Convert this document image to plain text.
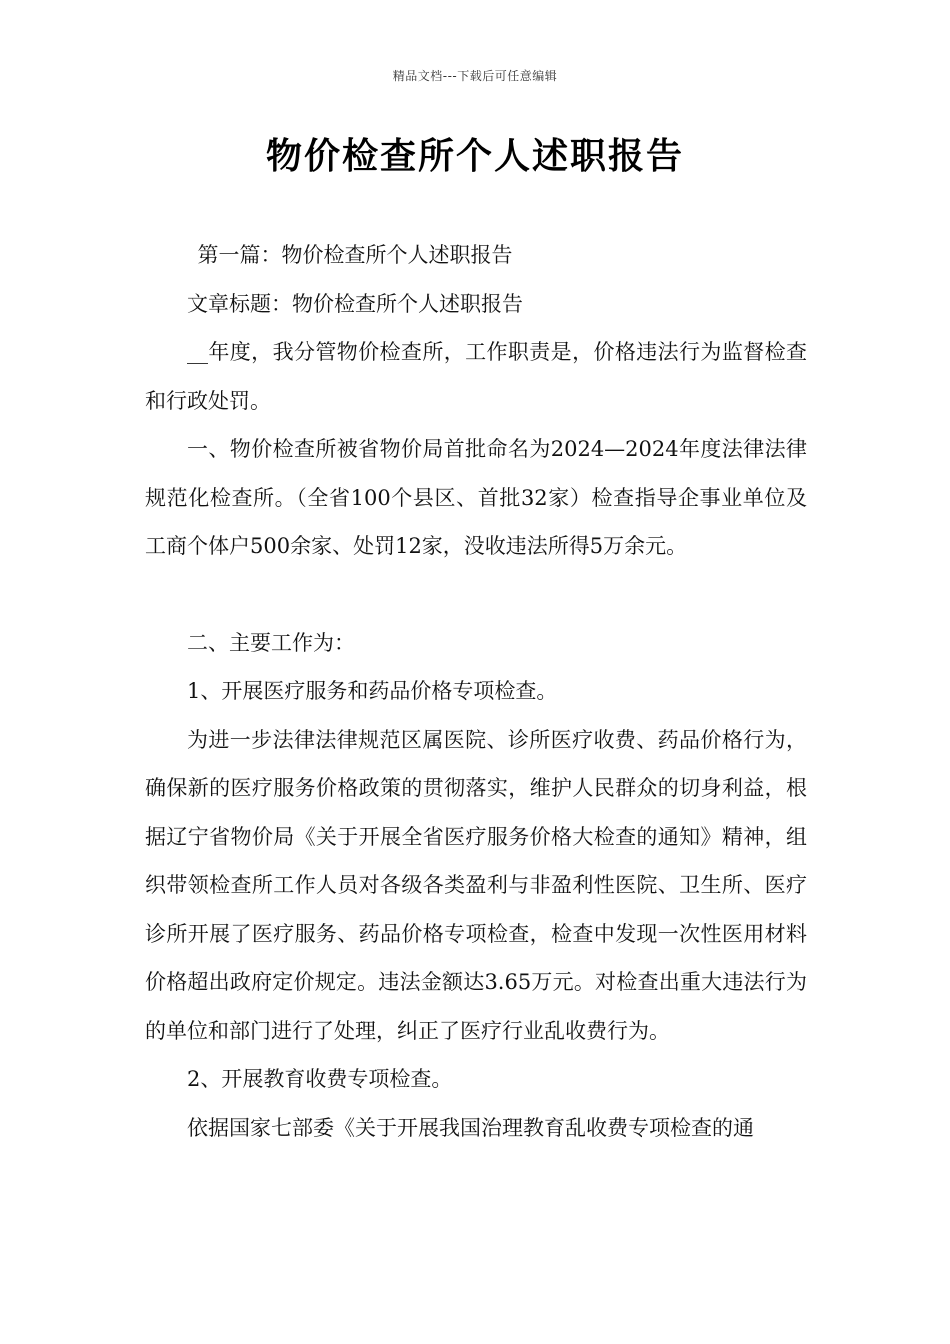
精品文档---下载后可任意编辑
物价检查所个人述职报告

第一篇：物价检查所个人述职报告

文章标题：物价检查所个人述职报告

__年度，我分管物价检查所，工作职责是，价格违法行为监督检查和行政处罚。

一、物价检查所被省物价局首批命名为2024—2024年度法律法律规范化检查所。（全省100个县区、首批32家）检查指导企事业单位及工商个体户500余家、处罚12家，没收违法所得5万余元。

二、主要工作为：

1、开展医疗服务和药品价格专项检查。

为进一步法律法律规范区属医院、诊所医疗收费、药品价格行为，确保新的医疗服务价格政策的贯彻落实，维护人民群众的切身利益，根据辽宁省物价局《关于开展全省医疗服务价格大检查的通知》精神，组织带领检查所工作人员对各级各类盈利与非盈利性医院、卫生所、医疗诊所开展了医疗服务、药品价格专项检查，检查中发现一次性医用材料价格超出政府定价规定。违法金额达3.65万元。对检查出重大违法行为的单位和部门进行了处理，纠正了医疗行业乱收费行为。

2、开展教育收费专项检查。

依据国家七部委《关于开展我国治理教育乱收费专项检查的通
